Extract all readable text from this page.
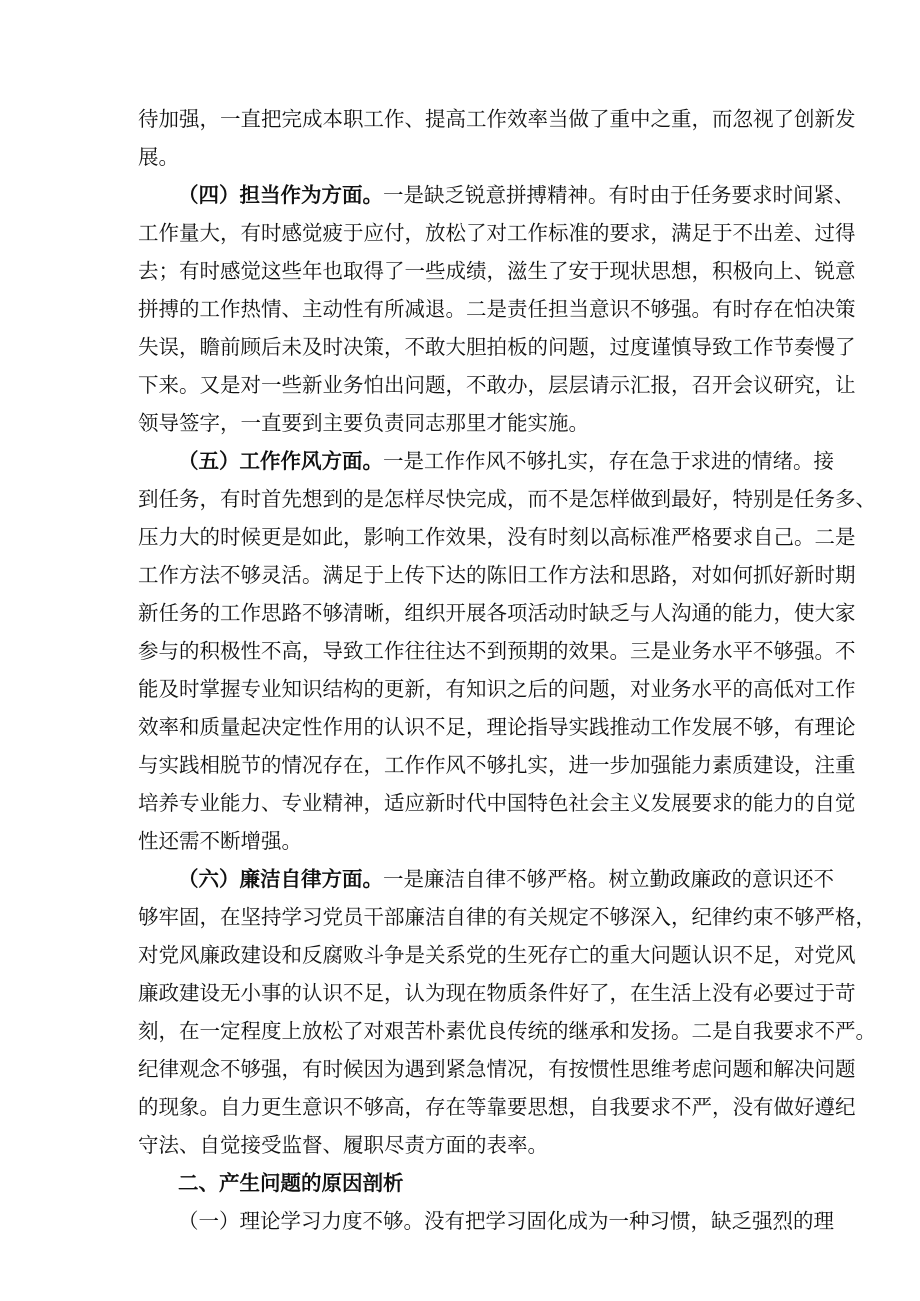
待加强，一直把完成本职工作、提高工作效率当做了重中之重，而忽视了创新发
展。
（四）担当作为方面。一是缺乏锐意拼搏精神。有时由于任务要求时间紧、
工作量大，有时感觉疲于应付，放松了对工作标准的要求，满足于不出差、过得
去；有时感觉这些年也取得了一些成绩，滋生了安于现状思想，积极向上、锐意
拼搏的工作热情、主动性有所减退。二是责任担当意识不够强。有时存在怕决策
失误，瞻前顾后未及时决策，不敢大胆拍板的问题，过度谨慎导致工作节奏慢了
下来。又是对一些新业务怕出问题，不敢办，层层请示汇报，召开会议研究，让
领导签字，一直要到主要负责同志那里才能实施。
（五）工作作风方面。一是工作作风不够扎实，存在急于求进的情绪。接
到任务，有时首先想到的是怎样尽快完成，而不是怎样做到最好，特别是任务多、
压力大的时候更是如此，影响工作效果，没有时刻以高标准严格要求自己。二是
工作方法不够灵活。满足于上传下达的陈旧工作方法和思路，对如何抓好新时期
新任务的工作思路不够清晰，组织开展各项活动时缺乏与人沟通的能力，使大家
参与的积极性不高，导致工作往往达不到预期的效果。三是业务水平不够强。不
能及时掌握专业知识结构的更新，有知识之后的问题，对业务水平的高低对工作
效率和质量起决定性作用的认识不足，理论指导实践推动工作发展不够，有理论
与实践相脱节的情况存在，工作作风不够扎实，进一步加强能力素质建设，注重
培养专业能力、专业精神，适应新时代中国特色社会主义发展要求的能力的自觉
性还需不断增强。
（六）廉洁自律方面。一是廉洁自律不够严格。树立勤政廉政的意识还不
够牢固，在坚持学习党员干部廉洁自律的有关规定不够深入，纪律约束不够严格，
对党风廉政建设和反腐败斗争是关系党的生死存亡的重大问题认识不足，对党风
廉政建设无小事的认识不足，认为现在物质条件好了，在生活上没有必要过于苛
刻，在一定程度上放松了对艰苦朴素优良传统的继承和发扬。二是自我要求不严。
纪律观念不够强，有时候因为遇到紧急情况，有按惯性思维考虑问题和解决问题
的现象。自力更生意识不够高，存在等靠要思想，自我要求不严，没有做好遵纪
守法、自觉接受监督、履职尽责方面的表率。
二、产生问题的原因剖析
（一）理论学习力度不够。没有把学习固化成为一种习惯，缺乏强烈的理
